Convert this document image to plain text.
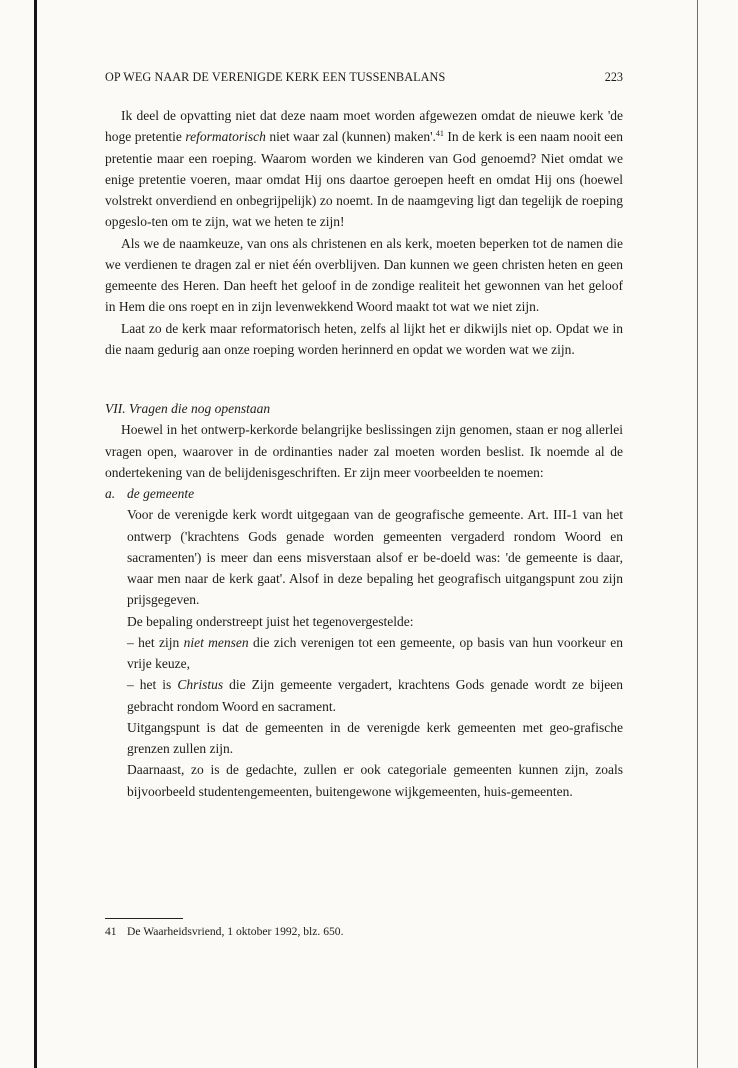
OP WEG NAAR DE VERENIGDE KERK EEN TUSSENBALANS	223

Ik deel de opvatting niet dat deze naam moet worden afgewezen omdat de nieuwe kerk 'de hoge pretentie reformatorisch niet waar zal (kunnen) maken'.$^{41}$ In de kerk is een naam nooit een pretentie maar een roeping. Waarom worden we kinderen van God genoemd? Niet omdat we enige pretentie voeren, maar omdat Hij ons daartoe geroepen heeft en omdat Hij ons (hoewel volstrekt onverdiend en onbegrijpelijk) zo noemt. In de naamgeving ligt dan tegelijk de roeping opgeslo-ten om te zijn, wat we heten te zijn!

Als we de naamkeuze, van ons als christenen en als kerk, moeten beperken tot de namen die we verdienen te dragen zal er niet één overblijven. Dan kunnen we geen christen heten en geen gemeente des Heren. Dan heeft het geloof in de zondige realiteit het gewonnen van het geloof in Hem die ons roept en in zijn levenwekkend Woord maakt tot wat we niet zijn.

Laat zo de kerk maar reformatorisch heten, zelfs al lijkt het er dikwijls niet op. Opdat we in die naam gedurig aan onze roeping worden herinnerd en opdat we worden wat we zijn.

VII. Vragen die nog openstaan

Hoewel in het ontwerp-kerkorde belangrijke beslissingen zijn genomen, staan er nog allerlei vragen open, waarover in de ordinanties nader zal moeten worden beslist. Ik noemde al de ondertekening van de belijdenisgeschriften. Er zijn meer voorbeelden te noemen:

a. de gemeente

Voor de verenigde kerk wordt uitgegaan van de geografische gemeente. Art. III-1 van het ontwerp ('krachtens Gods genade worden gemeenten vergaderd rondom Woord en sacramenten') is meer dan eens misverstaan alsof er be-doeld was: 'de gemeente is daar, waar men naar de kerk gaat'. Alsof in deze bepaling het geografisch uitgangspunt zou zijn prijsgegeven.

De bepaling onderstreept juist het tegenovergestelde:

– het zijn niet mensen die zich verenigen tot een gemeente, op basis van hun voorkeur en vrije keuze,

– het is Christus die Zijn gemeente vergadert, krachtens Gods genade wordt ze bijeen gebracht rondom Woord en sacrament.

Uitgangspunt is dat de gemeenten in de verenigde kerk gemeenten met geo-grafische grenzen zullen zijn.

Daarnaast, zo is de gedachte, zullen er ook categoriale gemeenten kunnen zijn, zoals bijvoorbeeld studentengemeenten, buitengewone wijkgemeenten, huis-gemeenten.

41 De Waarheidsvriend, 1 oktober 1992, blz. 650.
